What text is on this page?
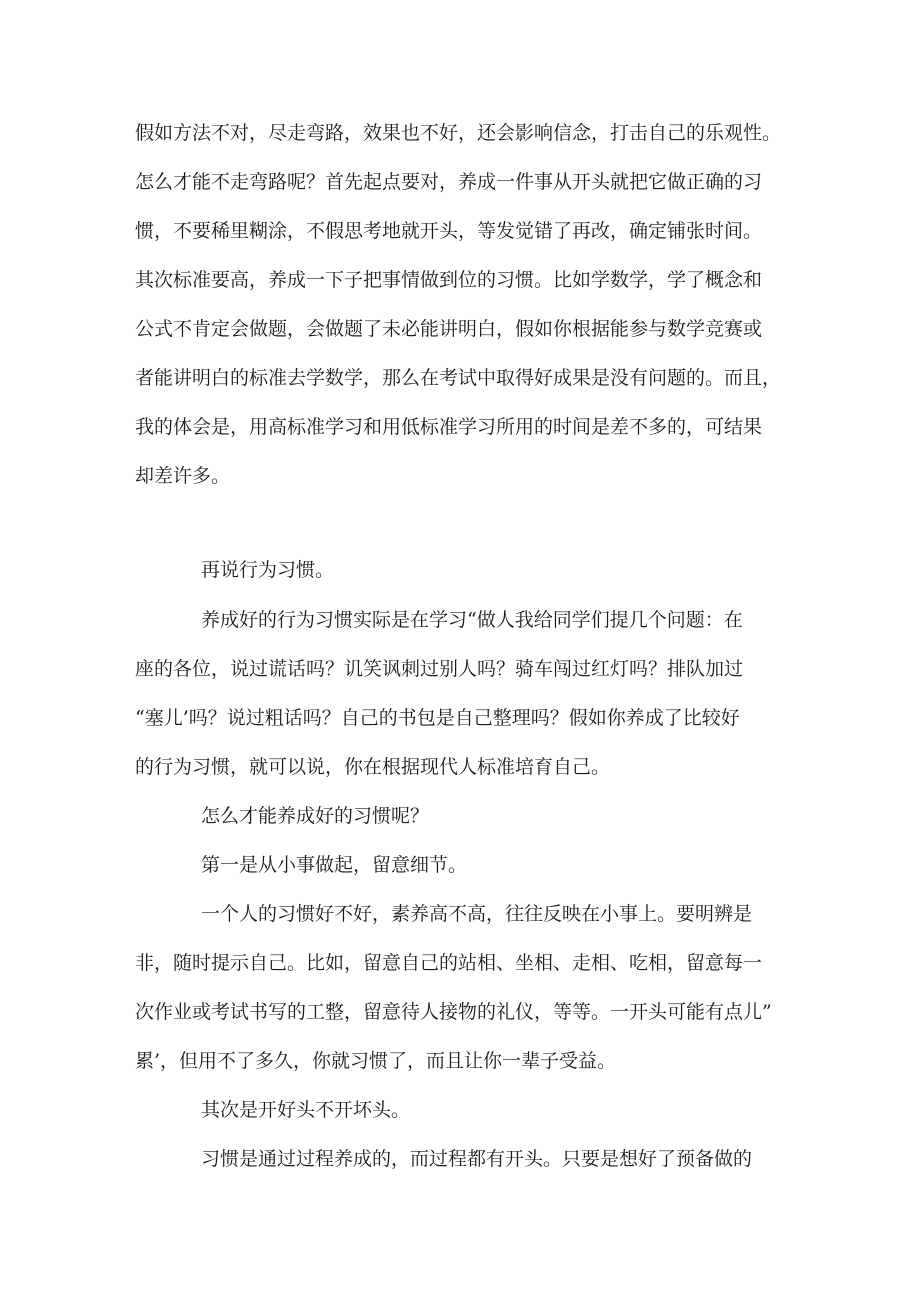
假如方法不对，尽走弯路，效果也不好，还会影响信念，打击自己的乐观性。
怎么才能不走弯路呢？首先起点要对，养成一件事从开头就把它做正确的习
惯，不要稀里糊涂，不假思考地就开头，等发觉错了再改，确定铺张时间。
其次标准要高，养成一下子把事情做到位的习惯。比如学数学，学了概念和
公式不肯定会做题，会做题了未必能讲明白，假如你根据能参与数学竞赛或
者能讲明白的标准去学数学，那么在考试中取得好成果是没有问题的。而且，
我的体会是，用高标准学习和用低标准学习所用的时间是差不多的，可结果
却差许多。
再说行为习惯。
养成好的行为习惯实际是在学习“做人我给同学们提几个问题：在
座的各位，说过谎话吗？讥笑讽刺过别人吗？骑车闯过红灯吗？排队加过
“塞儿’吗？说过粗话吗？自己的书包是自己整理吗？假如你养成了比较好
的行为习惯，就可以说，你在根据现代人标准培育自己。
怎么才能养成好的习惯呢？
第一是从小事做起，留意细节。
一个人的习惯好不好，素养高不高，往往反映在小事上。要明辨是
非，随时提示自己。比如，留意自己的站相、坐相、走相、吃相，留意每一
次作业或考试书写的工整，留意待人接物的礼仪，等等。一开头可能有点儿”
累’，但用不了多久，你就习惯了，而且让你一辈子受益。
其次是开好头不开坏头。
习惯是通过过程养成的，而过程都有开头。只要是想好了预备做的
